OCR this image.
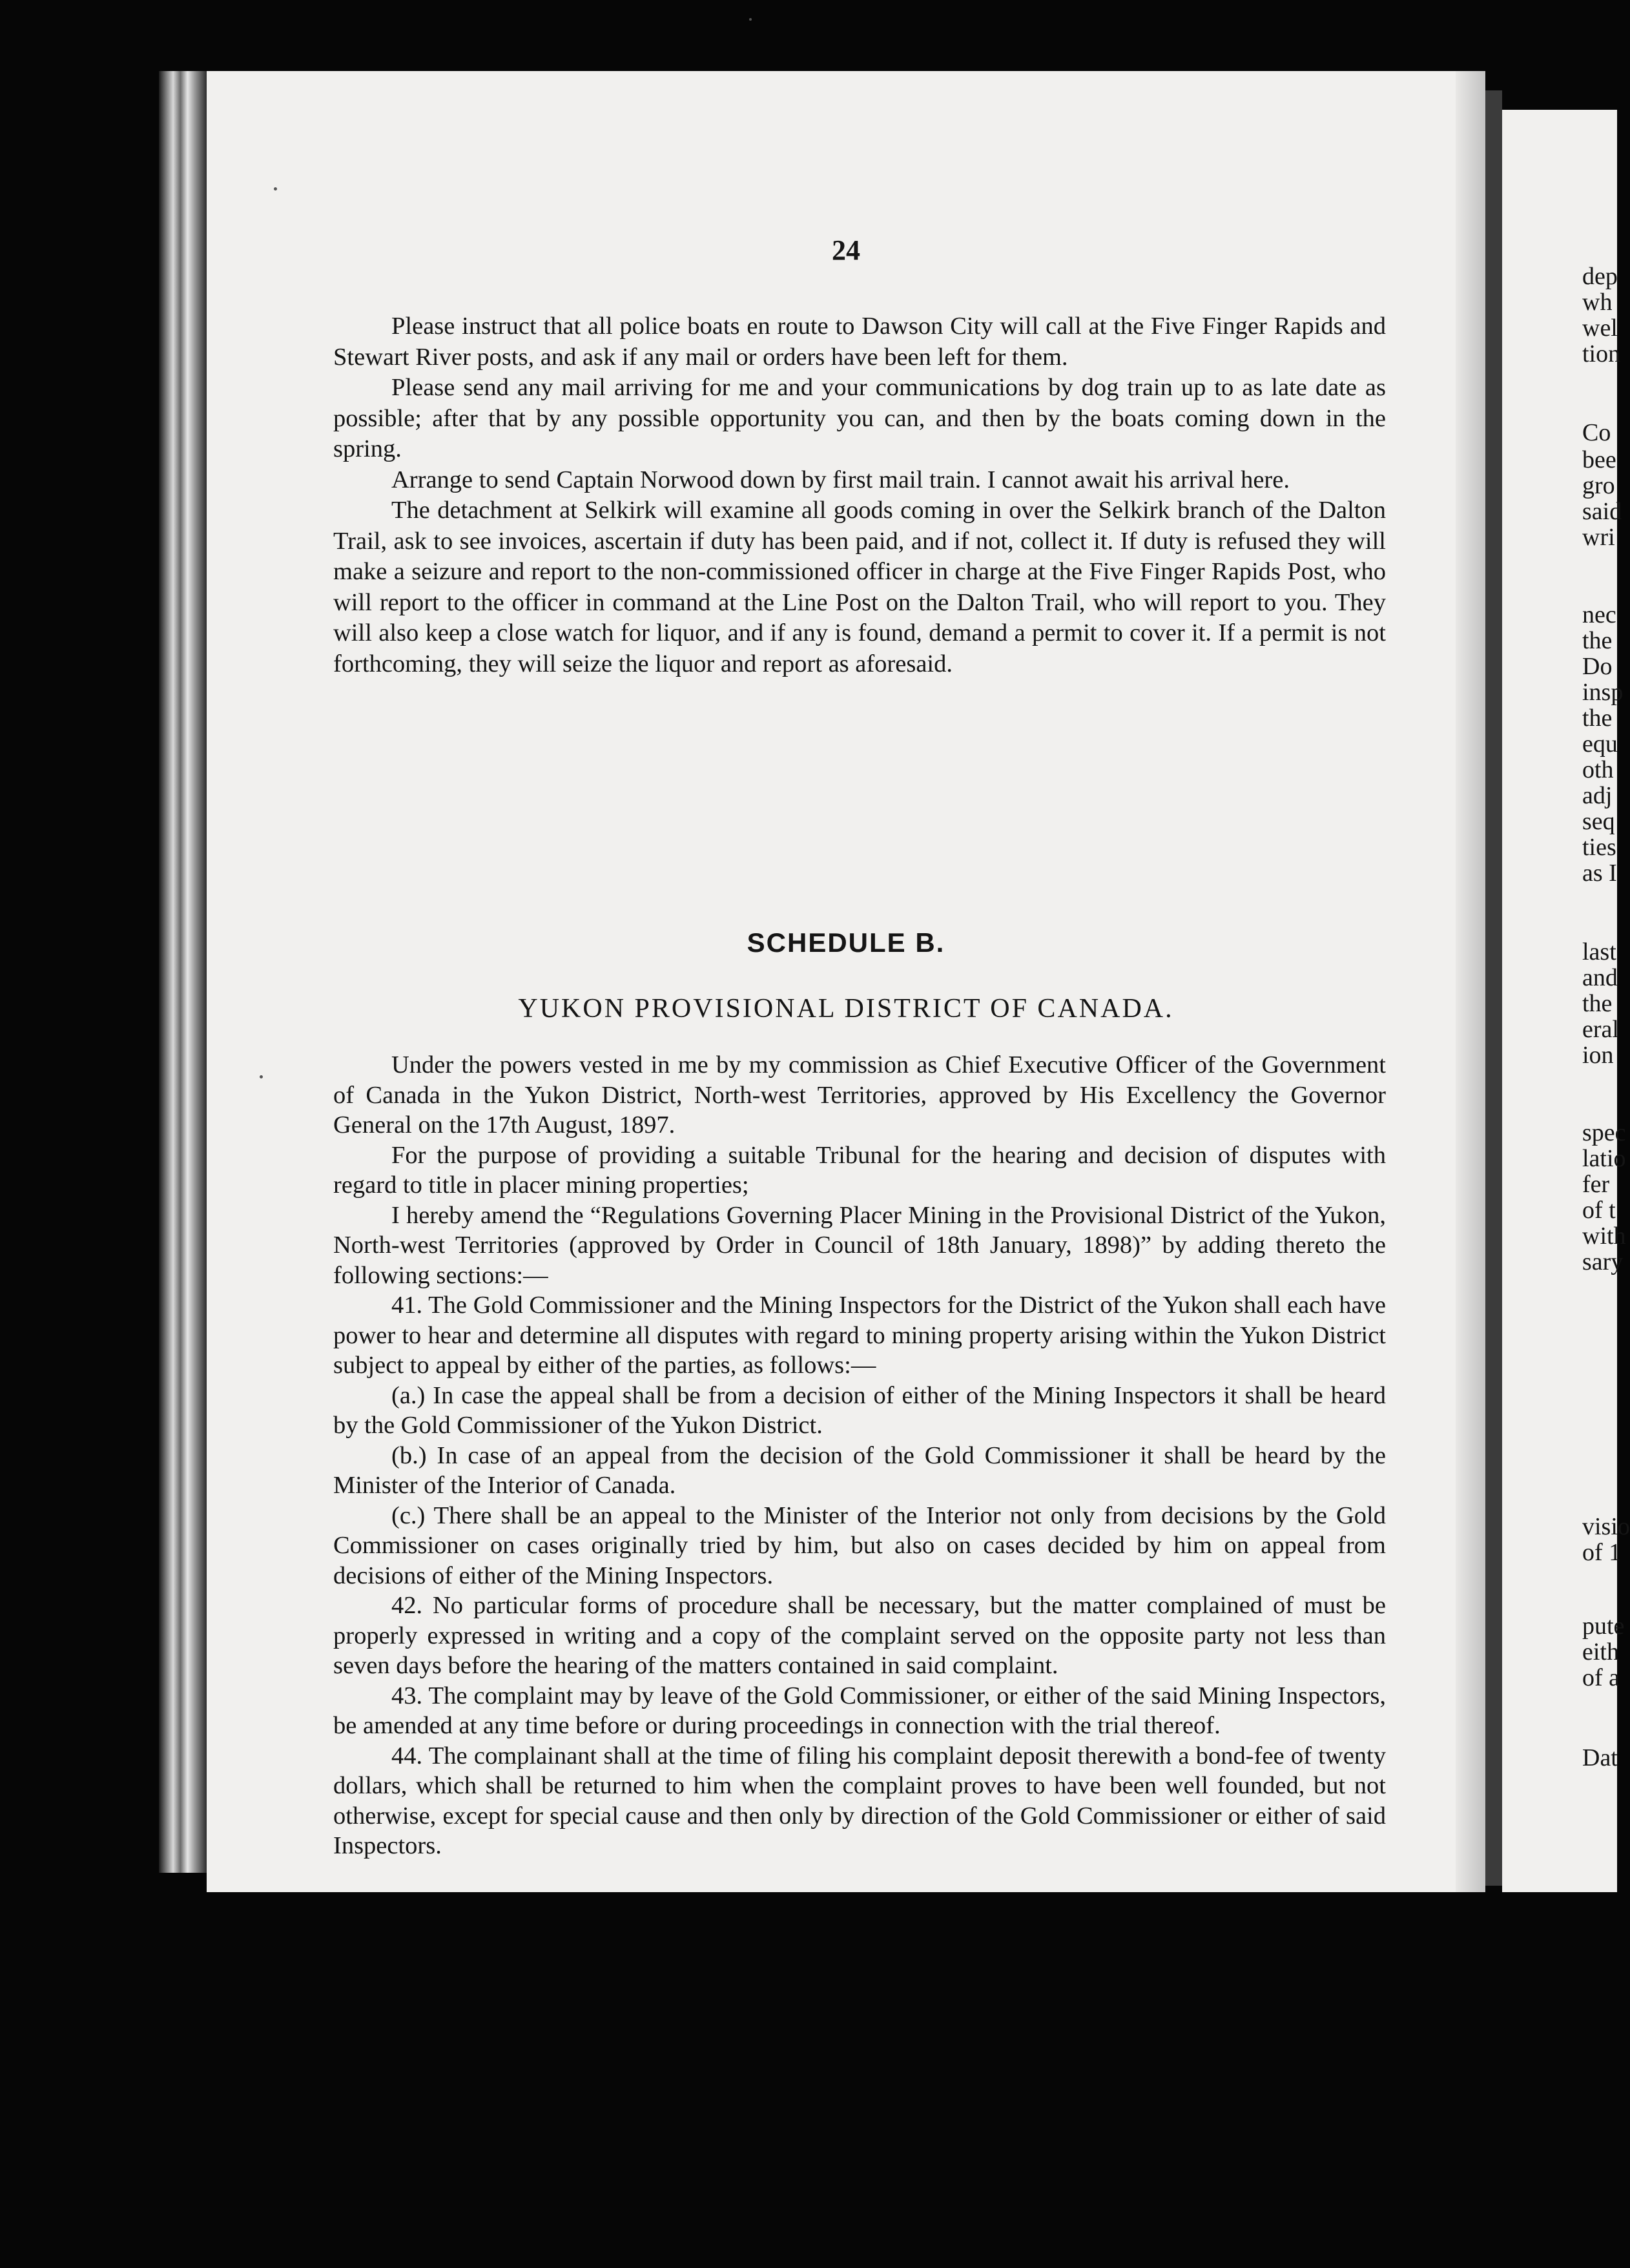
24

Please instruct that all police boats en route to Dawson City will call at the Five Finger Rapids and Stewart River posts, and ask if any mail or orders have been left for them.

Please send any mail arriving for me and your communications by dog train up to as late date as possible; after that by any possible opportunity you can, and then by the boats coming down in the spring.

Arrange to send Captain Norwood down by first mail train. I cannot await his arrival here.

The detachment at Selkirk will examine all goods coming in over the Selkirk branch of the Dalton Trail, ask to see invoices, ascertain if duty has been paid, and if not, collect it. If duty is refused they will make a seizure and report to the non-commissioned officer in charge at the Five Finger Rapids Post, who will report to the officer in command at the Line Post on the Dalton Trail, who will report to you. They will also keep a close watch for liquor, and if any is found, demand a permit to cover it. If a permit is not forthcoming, they will seize the liquor and report as aforesaid.

SCHEDULE B.
YUKON PROVISIONAL DISTRICT OF CANADA.

Under the powers vested in me by my commission as Chief Executive Officer of the Government of Canada in the Yukon District, North-west Territories, approved by His Excellency the Governor General on the 17th August, 1897.

For the purpose of providing a suitable Tribunal for the hearing and decision of disputes with regard to title in placer mining properties;

I hereby amend the “Regulations Governing Placer Mining in the Provisional District of the Yukon, North-west Territories (approved by Order in Council of 18th January, 1898)” by adding thereto the following sections:—

41. The Gold Commissioner and the Mining Inspectors for the District of the Yukon shall each have power to hear and determine all disputes with regard to mining property arising within the Yukon District subject to appeal by either of the parties, as follows:—

(a.) In case the appeal shall be from a decision of either of the Mining Inspectors it shall be heard by the Gold Commissioner of the Yukon District.

(b.) In case of an appeal from the decision of the Gold Commissioner it shall be heard by the Minister of the Interior of Canada.

(c.) There shall be an appeal to the Minister of the Interior not only from decisions by the Gold Commissioner on cases originally tried by him, but also on cases decided by him on appeal from decisions of either of the Mining Inspectors.

42. No particular forms of procedure shall be necessary, but the matter complained of must be properly expressed in writing and a copy of the complaint served on the opposite party not less than seven days before the hearing of the matters contained in said complaint.

43. The complaint may by leave of the Gold Commissioner, or either of the said Mining Inspectors, be amended at any time before or during proceedings in connection with the trial thereof.

44. The complainant shall at the time of filing his complaint deposit therewith a bond-fee of twenty dollars, which shall be returned to him when the complaint proves to have been well founded, but not otherwise, except for special cause and then only by direction of the Gold Commissioner or either of said Inspectors.

dep
wh
wel
tion
Co
bee
gro
said
wri
nec
the
Do
insp
the
equ
oth
adj
seq
ties
as I
last
and
the
eral
ion
spec
latio
fer
of t
with
sary
visio
of 1
pute
eith
of a
Dat
